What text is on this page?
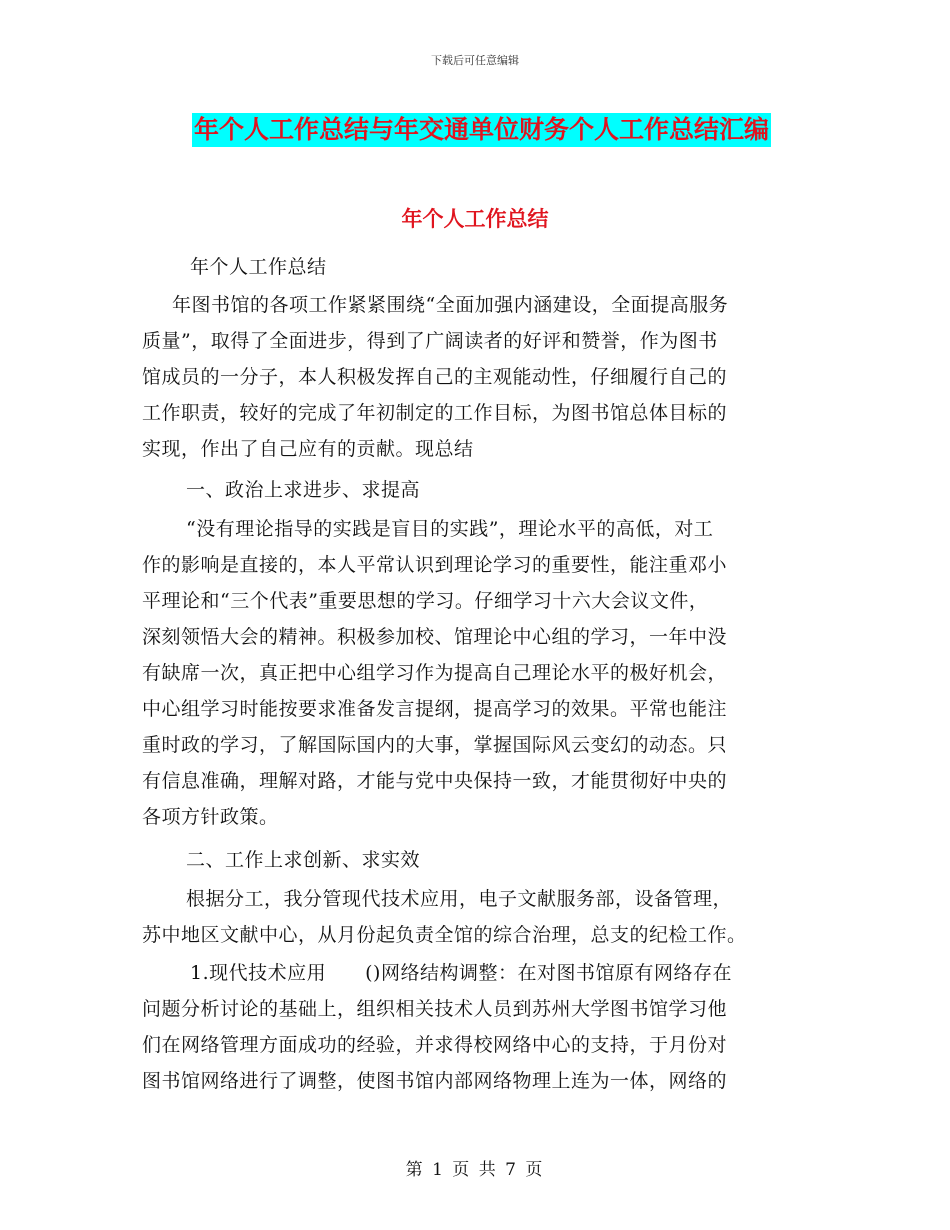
下载后可任意编辑
年个人工作总结与年交通单位财务个人工作总结汇编
年个人工作总结
年个人工作总结
年图书馆的各项工作紧紧围绕“全面加强内涵建设，全面提高服务
质量”，取得了全面进步，得到了广阔读者的好评和赞誉，作为图书
馆成员的一分子，本人积极发挥自己的主观能动性，仔细履行自己的
工作职责，较好的完成了年初制定的工作目标，为图书馆总体目标的
实现，作出了自己应有的贡献。现总结
一、政治上求进步、求提高
“没有理论指导的实践是盲目的实践”，理论水平的高低，对工
作的影响是直接的，本人平常认识到理论学习的重要性，能注重邓小
平理论和“三个代表”重要思想的学习。仔细学习十六大会议文件，
深刻领悟大会的精神。积极参加校、馆理论中心组的学习，一年中没
有缺席一次，真正把中心组学习作为提高自己理论水平的极好机会，
中心组学习时能按要求准备发言提纲，提高学习的效果。平常也能注
重时政的学习，了解国际国内的大事，掌握国际风云变幻的动态。只
有信息准确，理解对路，才能与党中央保持一致，才能贯彻好中央的
各项方针政策。
二、工作上求创新、求实效
根据分工，我分管现代技术应用，电子文献服务部，设备管理，
苏中地区文献中心，从月份起负责全馆的综合治理，总支的纪检工作。
1.现代技术应用　　()网络结构调整：在对图书馆原有网络存在
问题分析讨论的基础上，组织相关技术人员到苏州大学图书馆学习他
们在网络管理方面成功的经验，并求得校网络中心的支持，于月份对
图书馆网络进行了调整，使图书馆内部网络物理上连为一体，网络的
第 1 页 共 7 页
